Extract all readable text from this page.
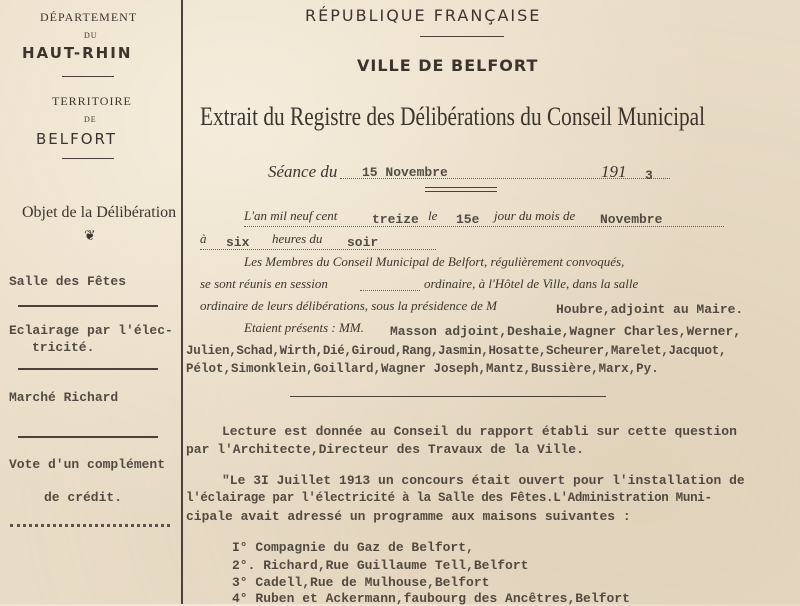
DÉPARTEMENT
DU
HAUT-RHIN
TERRITOIRE
DE
BELFORT
Objet de la Délibération
❦
Salle des Fêtes
Eclairage par l'élec-
tricité.
Marché Richard
Vote d'un complément
de crédit.
RÉPUBLIQUE FRANÇAISE
VILLE DE BELFORT
Extrait du Registre des Délibérations du Conseil Municipal
Séance du 15 Novembre	191 3
L'an mil neuf cent	treize le 15e jour du mois de Novembre
à six heures du soir
Les Membres du Conseil Municipal de Belfort, régulièrement convoqués,
se sont réunis en session	ordinaire, à l'Hôtel de Ville, dans la salle
ordinaire de leurs délibérations, sous la présidence de M	Houbre,adjoint au Maire.
Etaient présents : MM. Masson adjoint,Deshaie,Wagner Charles,Werner,
Julien,Schad,Wirth,Dié,Giroud,Rang,Jasmin,Hosatte,Scheurer,Marelet,Jacquot,
Pélot,Simonklein,Goillard,Wagner Joseph,Mantz,Bussière,Marx,Py.
Lecture est donnée au Conseil du rapport établi sur cette question
par l'Architecte,Directeur des Travaux de la Ville.
"Le 3I Juillet 1913 un concours était ouvert pour l'installation de
l'éclairage par l'électricité à la Salle des Fêtes.L'Administration Muni-
cipale avait adressé un programme aux maisons suivantes :
I° Compagnie du Gaz de Belfort,
2°. Richard,Rue Guillaume Tell,Belfort
3° Cadell,Rue de Mulhouse,Belfort
4° Ruben et Ackermann,faubourg des Ancêtres,Belfort
